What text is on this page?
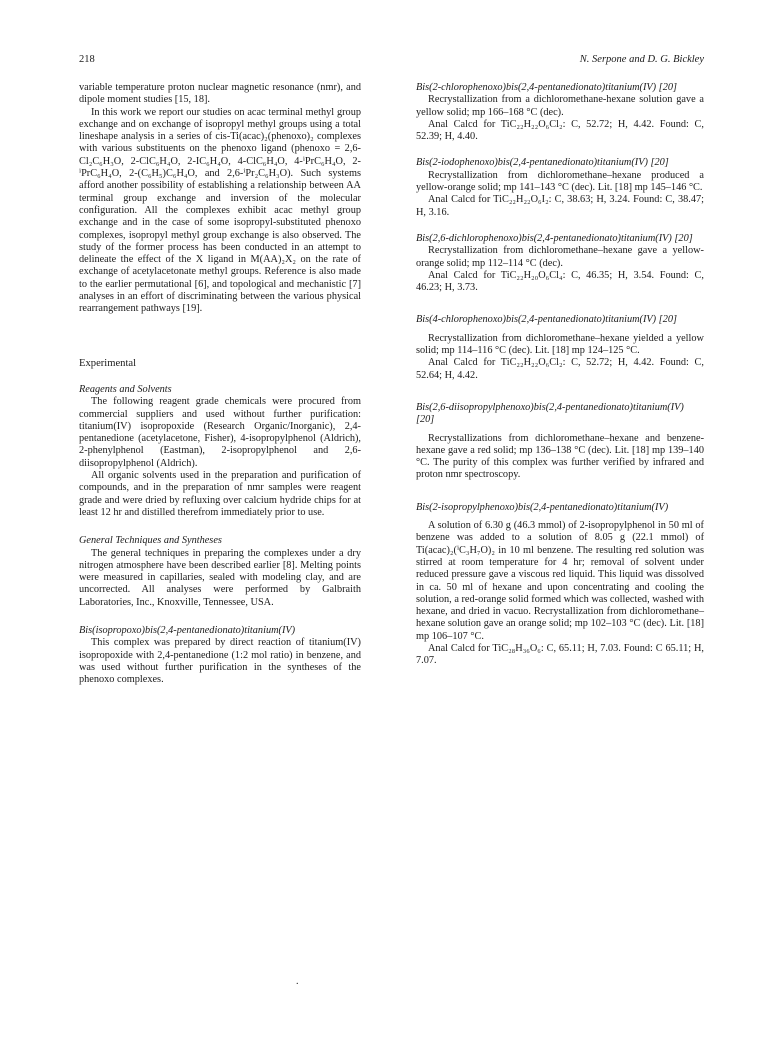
218	N. Serpone and D. G. Bickley

variable temperature proton nuclear magnetic resonance (nmr), and dipole moment studies [15, 18].

In this work we report our studies on acac terminal methyl group exchange and on exchange of isopropyl methyl groups using a total lineshape analysis in a series of cis-Ti(acac)₂(phenoxo)₂ complexes with various substituents on the phenoxo ligand (phenoxo = 2,6-Cl₂C₆H₃O, 2-ClC₆H₄O, 2-IC₆H₄O, 4-ClC₆H₄O, 4-ⁱPrC₆H₄O, 2-ⁱPrC₆H₄O, 2-(C₆H₅)C₆H₄O, and 2,6-ⁱPr₂C₆H₃O). Such systems afford another possibility of establishing a relationship between AA terminal group exchange and inversion of the molecular configuration. All the complexes exhibit acac methyl group exchange and in the case of some isopropyl-substituted phenoxo complexes, isopropyl methyl group exchange is also observed. The study of the former process has been conducted in an attempt to delineate the effect of the X ligand in M(AA)₂X₂ on the rate of exchange of acetylacetonate methyl groups. Reference is also made to the earlier permutational [6], and topological and mechanistic [7] analyses in an effort of discriminating between the various physical rearrangement pathways [19].

Experimental
Reagents and Solvents

The following reagent grade chemicals were procured from commercial suppliers and used without further purification: titanium(IV) isopropoxide (Research Organic/Inorganic), 2,4-pentanedione (acetylacetone, Fisher), 4-isopropylphenol (Aldrich), 2-phenylphenol (Eastman), 2-isopropylphenol and 2,6-diisopropylphenol (Aldrich).

All organic solvents used in the preparation and purification of compounds, and in the preparation of nmr samples were reagent grade and were dried by refluxing over calcium hydride chips for at least 12 hr and distilled therefrom immediately prior to use.

General Techniques and Syntheses

The general techniques in preparing the complexes under a dry nitrogen atmosphere have been described earlier [8]. Melting points were measured in capillaries, sealed with modeling clay, and are uncorrected. All analyses were performed by Galbraith Laboratories, Inc., Knoxville, Tennessee, USA.

Bis(isopropoxo)bis(2,4-pentanedionato)titanium(IV)

This complex was prepared by direct reaction of titanium(IV) isopropoxide with 2,4-pentanedione (1:2 mol ratio) in benzene, and was used without further purification in the syntheses of the phenoxo complexes.

Bis(2-chlorophenoxo)bis(2,4-pentanedionato)titanium(IV) [20]

Recrystallization from a dichloromethane-hexane solution gave a yellow solid; mp 166–168 °C (dec).

Anal Calcd for TiC₂₂H₂₂O₆Cl₂: C, 52.72; H, 4.42. Found: C, 52.39; H, 4.40.

Bis(2-iodophenoxo)bis(2,4-pentanedionato)titanium(IV) [20]

Recrystallization from dichloromethane–hexane produced a yellow-orange solid; mp 141–143 °C (dec). Lit. [18] mp 145–146 °C.

Anal Calcd for TiC₂₂H₂₂O₆I₂: C, 38.63; H, 3.24. Found: C, 38.47; H, 3.16.

Bis(2,6-dichlorophenoxo)bis(2,4-pentanedionato)titanium(IV) [20]

Recrystallization from dichloromethane–hexane gave a yellow-orange solid; mp 112–114 °C (dec).

Anal Calcd for TiC₂₂H₂₀O₆Cl₄: C, 46.35; H, 3.54. Found: C, 46.23; H, 3.73.

Bis(4-chlorophenoxo)bis(2,4-pentanedionato)titanium(IV) [20]

Recrystallization from dichloromethane–hexane yielded a yellow solid; mp 114–116 °C (dec). Lit. [18] mp 124–125 °C.

Anal Calcd for TiC₂₂H₂₂O₆Cl₂: C, 52.72; H, 4.42. Found: C, 52.64; H, 4.42.

Bis(2,6-diisopropylphenoxo)bis(2,4-pentanedionato)titanium(IV) [20]

Recrystallizations from dichloromethane–hexane and benzene-hexane gave a red solid; mp 136–138 °C (dec). Lit. [18] mp 139–140 °C. The purity of this complex was further verified by infrared and proton nmr spectroscopy.

Bis(2-isopropylphenoxo)bis(2,4-pentanedionato)titanium(IV)

A solution of 6.30 g (46.3 mmol) of 2-isopropylphenol in 50 ml of benzene was added to a solution of 8.05 g (22.1 mmol) of Ti(acac)₂(ⁱC₃H₇O)₂ in 10 ml benzene. The resulting red solution was stirred at room temperature for 4 hr; removal of solvent under reduced pressure gave a viscous red liquid. This liquid was dissolved in ca. 50 ml of hexane and upon concentrating and cooling the solution, a red-orange solid formed which was collected, washed with hexane, and dried in vacuo. Recrystallization from dichloromethane–hexane solution gave an orange solid; mp 102–103 °C (dec). Lit. [18] mp 106–107 °C.

Anal Calcd for TiC₂₈H₃₆O₆: C, 65.11; H, 7.03. Found: C 65.11; H, 7.07.

.
